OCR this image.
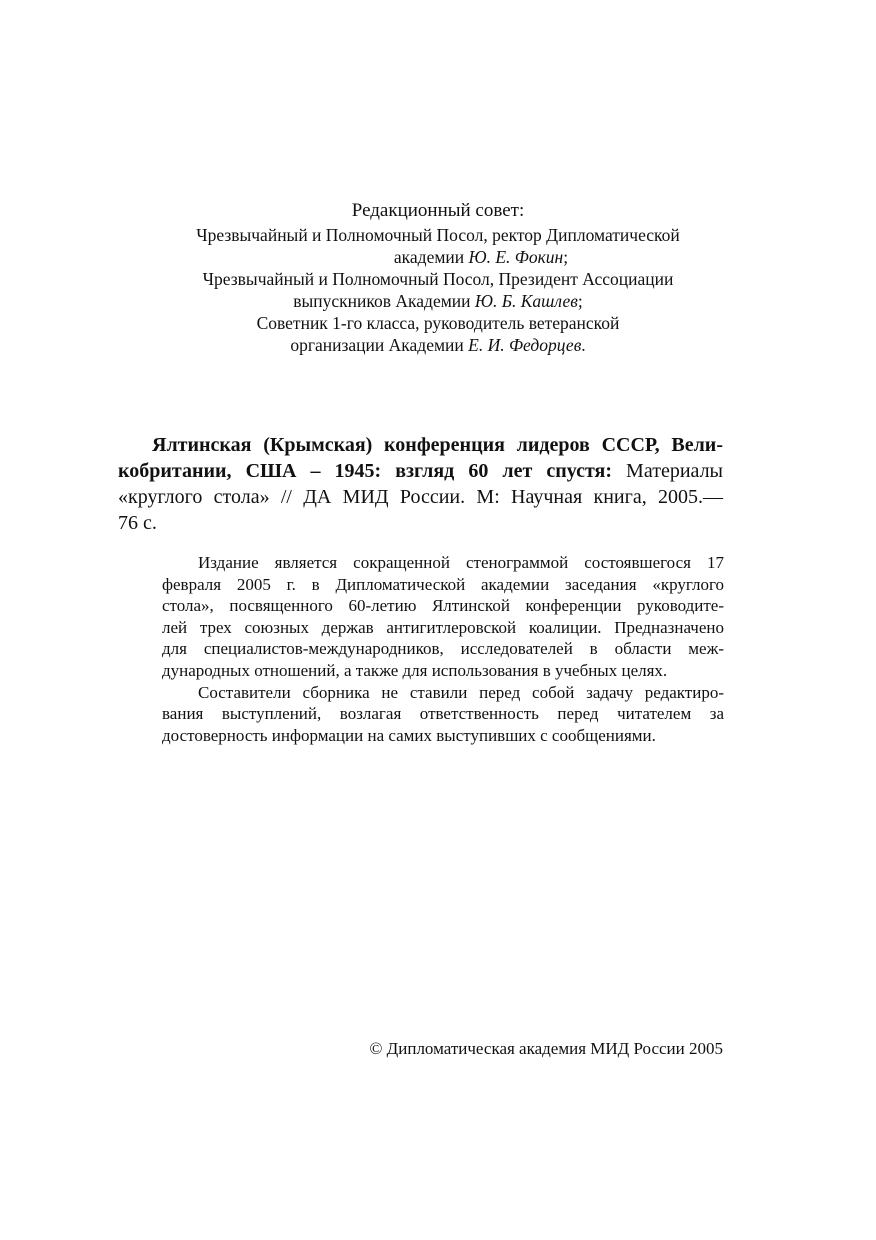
Редакционный совет:
Чрезвычайный и Полномочный Посол, ректор Дипломатической
академии Ю. Е. Фокин;
Чрезвычайный и Полномочный Посол, Президент Ассоциации
выпускников Академии Ю. Б. Кашлев;
Советник 1-го класса, руководитель ветеранской
организации Академии Е. И. Федорцев.
Ялтинская (Крымская) конференция лидеров СССР, Вели-
кобритании, США – 1945: взгляд 60 лет спустя: Материалы
«круглого стола» // ДА МИД России. М: Научная книга, 2005.—
76 с.
Издание является сокращенной стенограммой состоявшегося 17
февраля 2005 г. в Дипломатической академии заседания «круглого
стола», посвященного 60-летию Ялтинской конференции руководите-
лей трех союзных держав антигитлеровской коалиции. Предназначено
для специалистов-международников, исследователей в области меж-
дународных отношений, а также для использования в учебных целях.
Составители сборника не ставили перед собой задачу редактиро-
вания выступлений, возлагая ответственность перед читателем за
достоверность информации на самих выступивших с сообщениями.
© Дипломатическая академия МИД России 2005
